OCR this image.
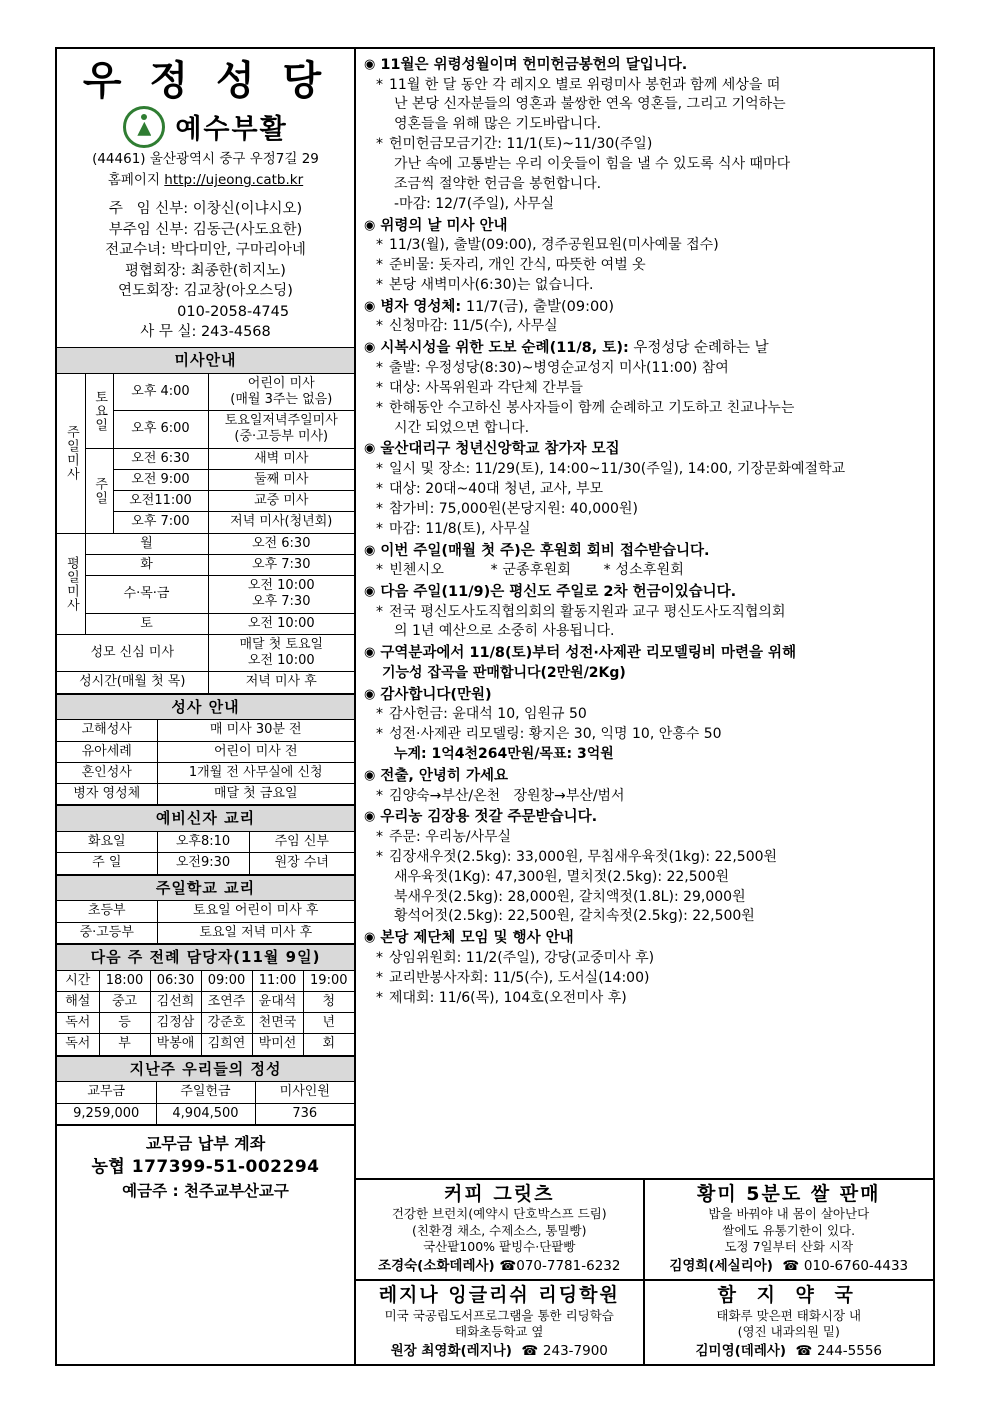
우 정 성 당
예수부활
(44461) 울산광역시 중구 우정7길 29
홈페이지 http://ujeong.catb.kr
주   임 신부: 이창신(이냐시오)
부주임 신부: 김동근(사도요한)
전교수녀: 박다미안, 구마리아네
평협회장: 최종한(히지노)
연도회장: 김교창(아오스딩)
010-2058-4745
사 무 실: 243-4568
미사안내			
주일미사	토요일	오후 4:00	어린이 미사
(매월 3주는 없음)

		오후 6:00	토요일저녁주일미사
(중·고등부 미사)

	주일	오전 6:30	새벽 미사
		오전 9:00	둘째 미사
		오전11:00	교중 미사
		오후 7:00	저녁 미사(청년회)
평일미사	월		오전 6:30
	화		오후 7:30
	수·목·금		오전 10:00
오후 7:30

	토		오전 10:00
성모 신심 미사			매달 첫 토요일
오전 10:00

성시간(매월 첫 목)			저녁 미사 후
성사 안내	
고해성사	매 미사 30분 전
유아세례	어린이 미사 전
혼인성사	1개월 전 사무실에 신청
병자 영성체	매달 첫 금요일
예비신자 교리		
화요일	오후8:10	주임 신부
주 일	오전9:30	원장 수녀
주일학교 교리	
초등부	토요일 어린이 미사 후
중·고등부	토요일 저녁 미사 후
다음 주 전례 담당자(11월 9일)					
시간	18:00	06:30	09:00	11:00	19:00
해설	중고	김선희	조연주	윤대석	청
독서	등	김정삼	강준호	천면국	년
독서	부	박봉애	김희연	박미선	회
지난주 우리들의 정성		
교무금	주일헌금	미사인원
9,259,000	4,904,500	736
교무금 납부 계좌
농협 177399-51-002294
예금주 : 천주교부산교구
◉ 11월은 위령성월이며 헌미헌금봉헌의 달입니다.
* 11월 한 달 동안 각 레지오 별로 위령미사 봉헌과 함께 세상을 떠
난 본당 신자분들의 영혼과 불쌍한 연옥 영혼들, 그리고 기억하는
영혼들을 위해 많은 기도바랍니다.
* 헌미헌금모금기간: 11/1(토)~11/30(주일)
가난 속에 고통받는 우리 이웃들이 힘을 낼 수 있도록 식사 때마다
조금씩 절약한 헌금을 봉헌합니다.
-마감: 12/7(주일), 사무실
◉ 위령의 날 미사 안내
* 11/3(월), 출발(09:00), 경주공원묘원(미사예물 접수)
* 준비물: 돗자리, 개인 간식, 따뜻한 여벌 옷
* 본당 새벽미사(6:30)는 없습니다.
◉ 병자 영성체: 11/7(금), 출발(09:00)
* 신청마감: 11/5(수), 사무실
◉ 시복시성을 위한 도보 순례(11/8, 토): 우정성당 순례하는 날
* 출발: 우정성당(8:30)~병영순교성지 미사(11:00) 참여
* 대상: 사목위원과 각단체 간부들
* 한해동안 수고하신 봉사자들이 함께 순례하고 기도하고 친교나누는
시간 되었으면 합니다.
◉ 울산대리구 청년신앙학교 참가자 모집
* 일시 및 장소: 11/29(토), 14:00~11/30(주일), 14:00, 기장문화예절학교
* 대상: 20대~40대 청년, 교사, 부모
* 참가비: 75,000원(본당지원: 40,000원)
* 마감: 11/8(토), 사무실
◉ 이번 주일(매월 첫 주)은 후원회 회비 접수받습니다.
* 빈첸시오          * 군종후원회       * 성소후원회
◉ 다음 주일(11/9)은 평신도 주일로 2차 헌금이있습니다.
* 전국 평신도사도직협의회의 활동지원과 교구 평신도사도직협의회
의 1년 예산으로 소중히 사용됩니다.
◉ 구역분과에서 11/8(토)부터 성전·사제관 리모델링비 마련을 위해
기능성 잡곡을 판매합니다(2만원/2Kg)
◉ 감사합니다(만원)
* 감사헌금: 윤대석 10, 임원규 50
* 성전·사제관 리모델링: 황지은 30, 익명 10, 안흥수 50
누계: 1억4천264만원/목표: 3억원
◉ 전출, 안녕히 가세요
* 김양숙→부산/온천   장원창→부산/범서
◉ 우리농 김장용 젓갈 주문받습니다.
* 주문: 우리농/사무실
* 김장새우젓(2.5kg): 33,000원, 무침새우육젓(1kg): 22,500원
새우육젓(1Kg): 47,300원, 멸치젓(2.5kg): 22,500원
북새우젓(2.5kg): 28,000원, 갈치액젓(1.8L): 29,000원
황석어젓(2.5kg): 22,500원, 갈치속젓(2.5kg): 22,500원
◉ 본당 제단체 모임 및 행사 안내
* 상임위원회: 11/2(주일), 강당(교중미사 후)
* 교리반봉사자회: 11/5(수), 도서실(14:00)
* 제대회: 11/6(목), 104호(오전미사 후)
커피 그릿츠
건강한 브런치(예약시 단호박스프 드림)
(친환경 채소, 수제소스, 통밀빵)
국산팥100% 팥빙수·단팥빵
조경숙(소화데레사) ☎070-7781-6232
황미 5분도 쌀 판매
밥을 바꿔야 내 몸이 살아난다
쌀에도 유통기한이 있다.
도정 7일부터 산화 시작
김영희(세실리아) ☎ 010-6760-4433
레지나 잉글리쉬 리딩학원
미국 국공립도서프로그램을 통한 리딩학습
태화초등학교 옆
원장 최영화(레지나) ☎ 243-7900
함 지 약 국
태화루 맞은편 태화시장 내
(영진 내과의원 밑)
김미영(데레사) ☎ 244-5556
